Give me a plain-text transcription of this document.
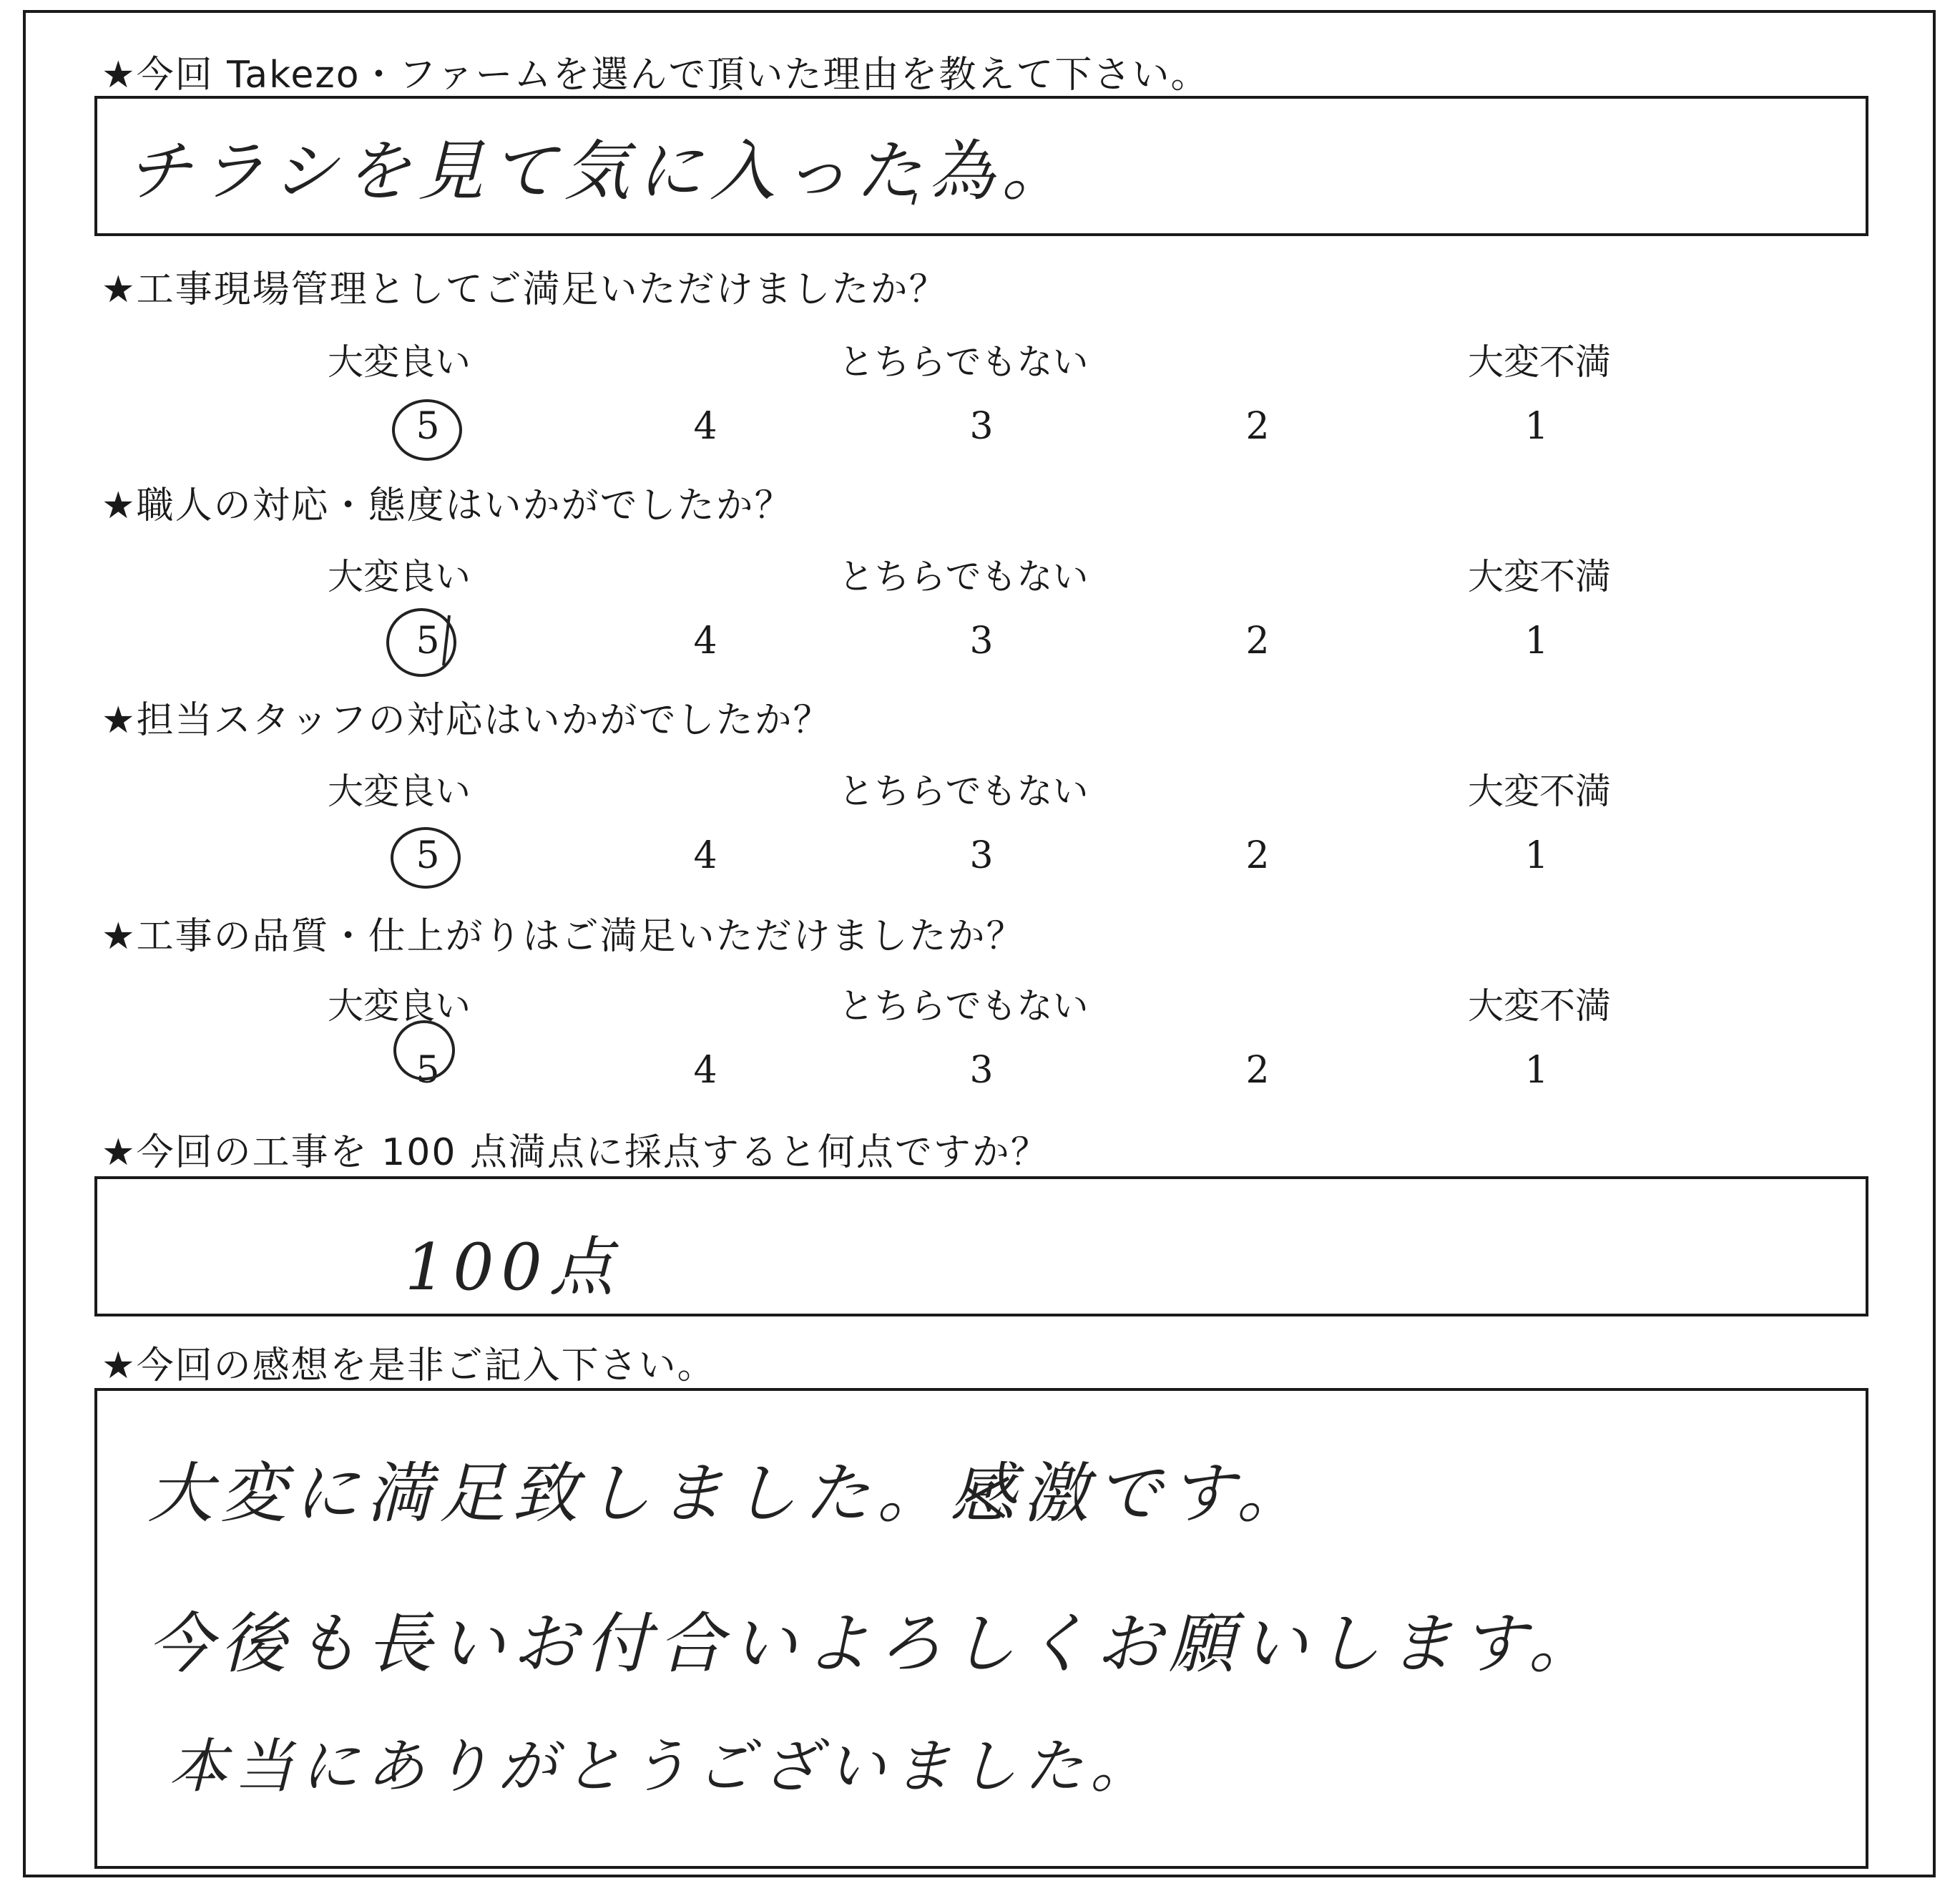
★今回 Takezo・ファームを選んで頂いた理由を教えて下さい。
チラシを見て気に入った為。
★工事現場管理としてご満足いただけましたか？
大変良い	とちらでもない	大変不満
5	4	3	2	1
★職人の対応・態度はいかがでしたか？
大変良い	とちらでもない	大変不満
5	4	3	2	1
★担当スタッフの対応はいかがでしたか？
大変良い	とちらでもない	大変不満
5	4	3	2	1
★工事の品質・仕上がりはご満足いただけましたか？
大変良い	とちらでもない	大変不満
5	4	3	2	1
★今回の工事を 100 点満点に採点すると何点ですか？
100点
★今回の感想を是非ご記入下さい。
大変に満足致しました。感激です。
今後も長いお付合いよろしくお願いします。
本当にありがとうございました。
